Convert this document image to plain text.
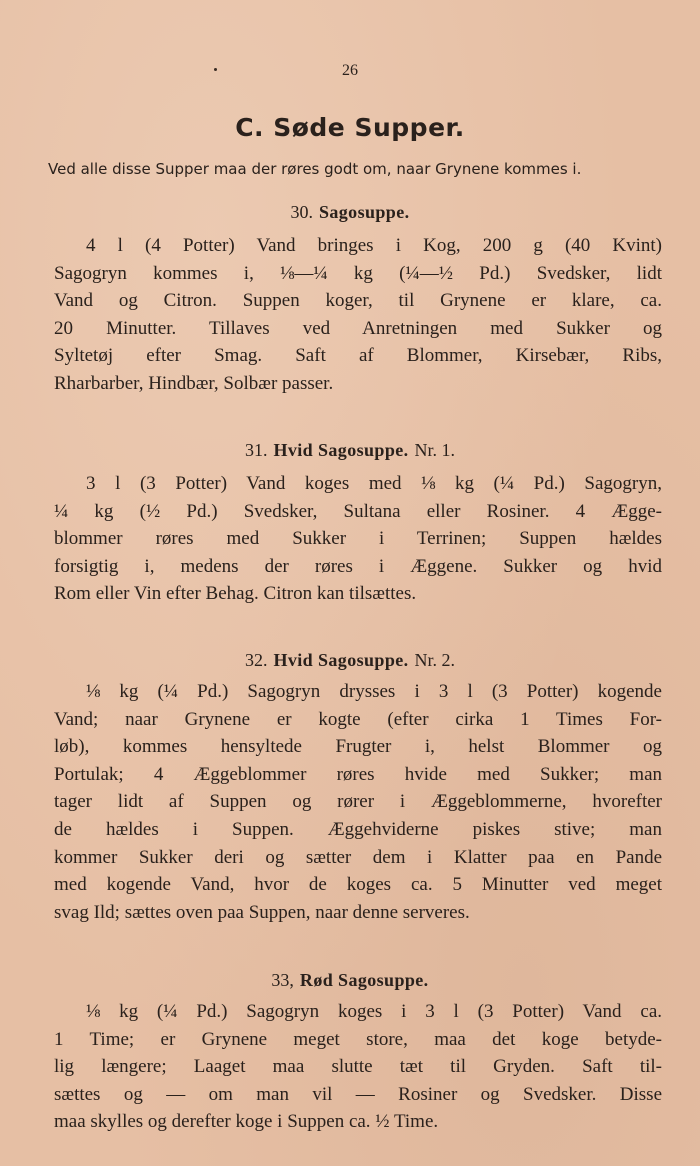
26
C. Søde Supper.
Ved alle disse Supper maa der røres godt om, naar Grynene kommes i.
30. Sagosuppe.
4 l (4 Potter) Vand bringes i Kog, 200 g (40 Kvint)
Sagogryn kommes i, ⅛—¼ kg (¼—½ Pd.) Svedsker, lidt
Vand og Citron. Suppen koger, til Grynene er klare, ca.
20 Minutter. Tillaves ved Anretningen med Sukker og
Syltetøj efter Smag. Saft af Blommer, Kirsebær, Ribs,
Rharbarber, Hindbær, Solbær passer.
31. Hvid Sagosuppe. Nr. 1.
3 l (3 Potter) Vand koges med ⅛ kg (¼ Pd.) Sagogryn,
¼ kg (½ Pd.) Svedsker, Sultana eller Rosiner. 4 Ægge-
blommer røres med Sukker i Terrinen; Suppen hældes
forsigtig i, medens der røres i Æggene. Sukker og hvid
Rom eller Vin efter Behag. Citron kan tilsættes.
32. Hvid Sagosuppe. Nr. 2.
⅛ kg (¼ Pd.) Sagogryn drysses i 3 l (3 Potter) kogende
Vand; naar Grynene er kogte (efter cirka 1 Times For-
løb), kommes hensyltede Frugter i, helst Blommer og
Portulak; 4 Æggeblommer røres hvide med Sukker; man
tager lidt af Suppen og rører i Æggeblommerne, hvorefter
de hældes i Suppen. Æggehviderne piskes stive; man
kommer Sukker deri og sætter dem i Klatter paa en Pande
med kogende Vand, hvor de koges ca. 5 Minutter ved meget
svag Ild; sættes oven paa Suppen, naar denne serveres.
33, Rød Sagosuppe.
⅛ kg (¼ Pd.) Sagogryn koges i 3 l (3 Potter) Vand ca.
1 Time; er Grynene meget store, maa det koge betyde-
lig længere; Laaget maa slutte tæt til Gryden. Saft til-
sættes og — om man vil — Rosiner og Svedsker. Disse
maa skylles og derefter koge i Suppen ca. ½ Time.
